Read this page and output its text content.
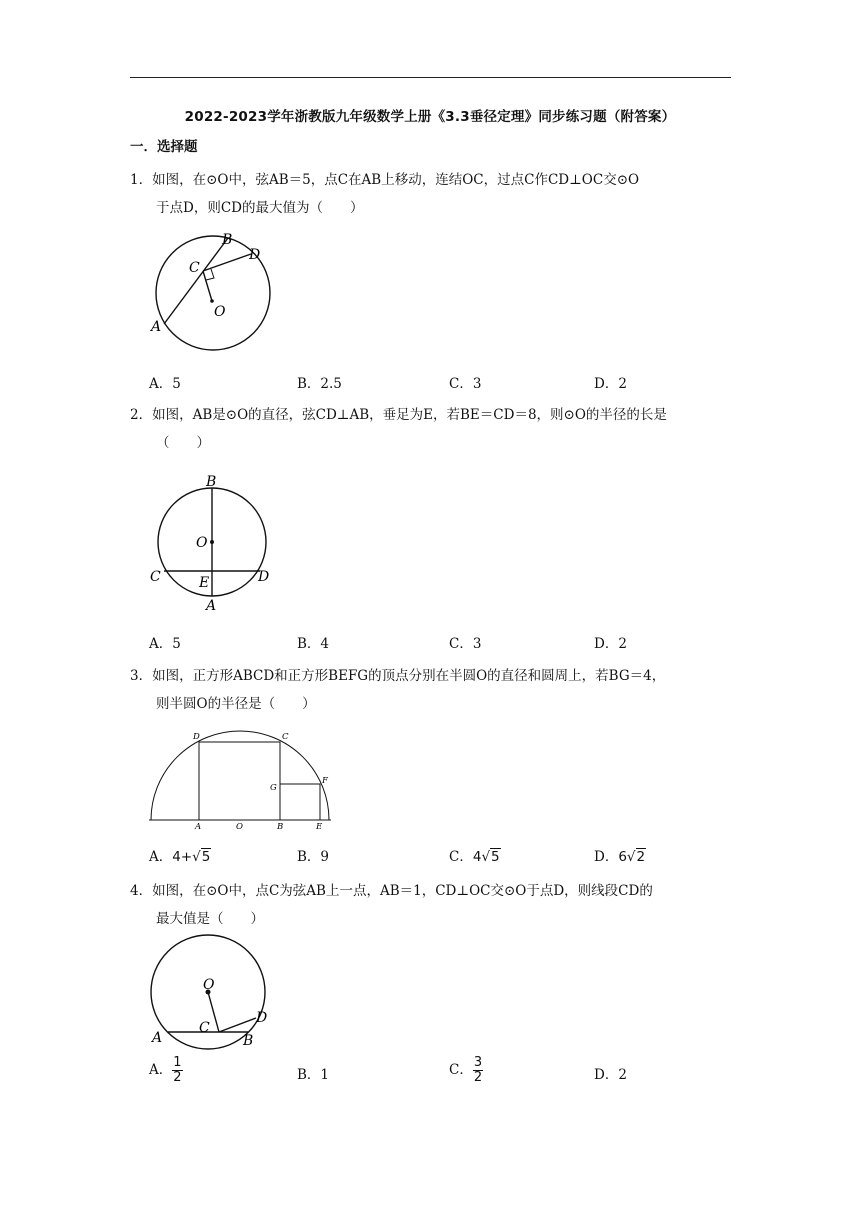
2022-2023学年浙教版九年级数学上册《3.3垂径定理》同步练习题（附答案）
一．选择题
1．如图，在⊙O中，弦AB＝5，点C在AB上移动，连结OC，过点C作CD⊥OC交⊙O
于点D，则CD的最大值为（　　）
B
D
C
O
A
A．5	B．2.5	C．3	D．2
2．如图，AB是⊙O的直径，弦CD⊥AB，垂足为E，若BE＝CD＝8，则⊙O的半径的长是
（　　）
B
O
C	D
E
A
A．5	B．4	C．3	D．2
3．如图，正方形ABCD和正方形BEFG的顶点分别在半圆O的直径和圆周上，若BG＝4，
则半圆O的半径是（　　）
D	C
G
F
A	O	B	E
A．4+√5	B．9	C．4√5	D．6√2
4．如图，在⊙O中，点C为弦AB上一点，AB＝1，CD⊥OC交⊙O于点D，则线段CD的
最大值是（　　）
O
C
A	B
D
A． $\frac{1}{2}$	B．1	C． $\frac{3}{2}$	D．2
